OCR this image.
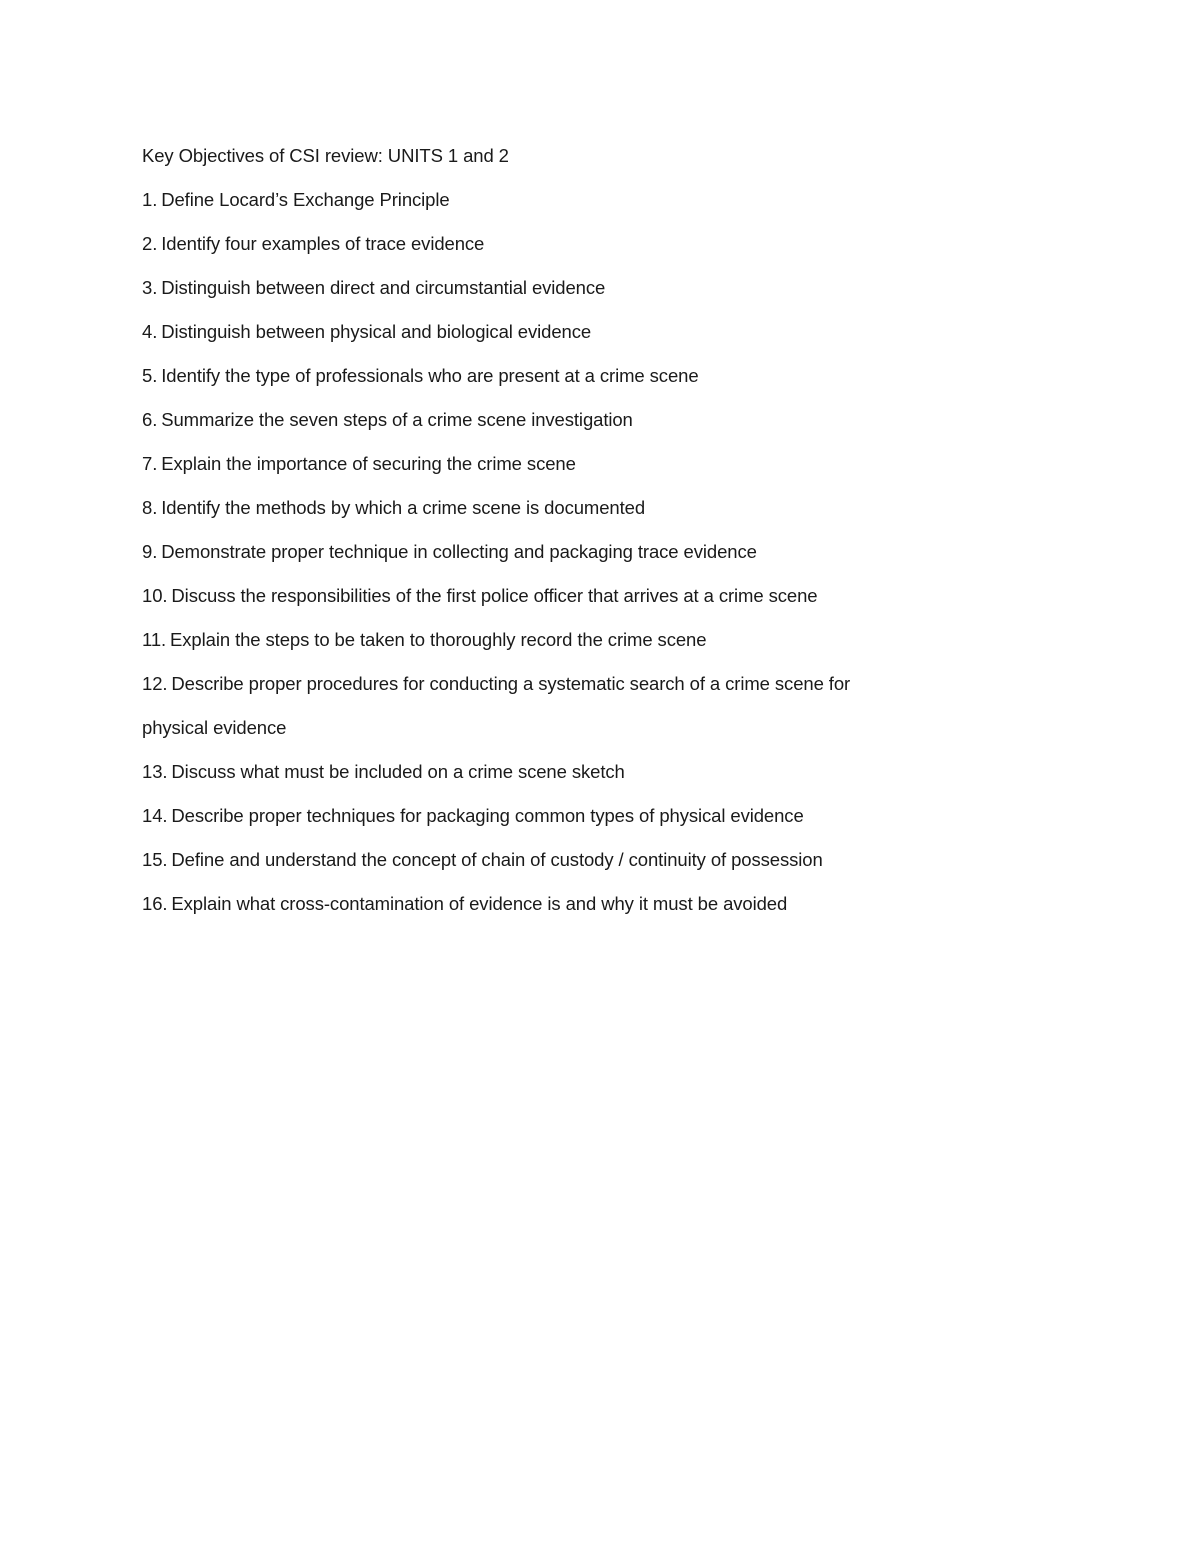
Key Objectives of CSI review: UNITS 1 and 2

1. Define Locard’s Exchange Principle

2. Identify four examples of trace evidence

3. Distinguish between direct and circumstantial evidence

4. Distinguish between physical and biological evidence

5. Identify the type of professionals who are present at a crime scene

6. Summarize the seven steps of a crime scene investigation

7. Explain the importance of securing the crime scene

8. Identify the methods by which a crime scene is documented

9. Demonstrate proper technique in collecting and packaging trace evidence

10. Discuss the responsibilities of the first police officer that arrives at a crime scene

11. Explain the steps to be taken to thoroughly record the crime scene

12. Describe proper procedures for conducting a systematic search of a crime scene for
physical evidence

13. Discuss what must be included on a crime scene sketch

14. Describe proper techniques for packaging common types of physical evidence

15. Define and understand the concept of chain of custody / continuity of possession

16. Explain what cross-contamination of evidence is and why it must be avoided
